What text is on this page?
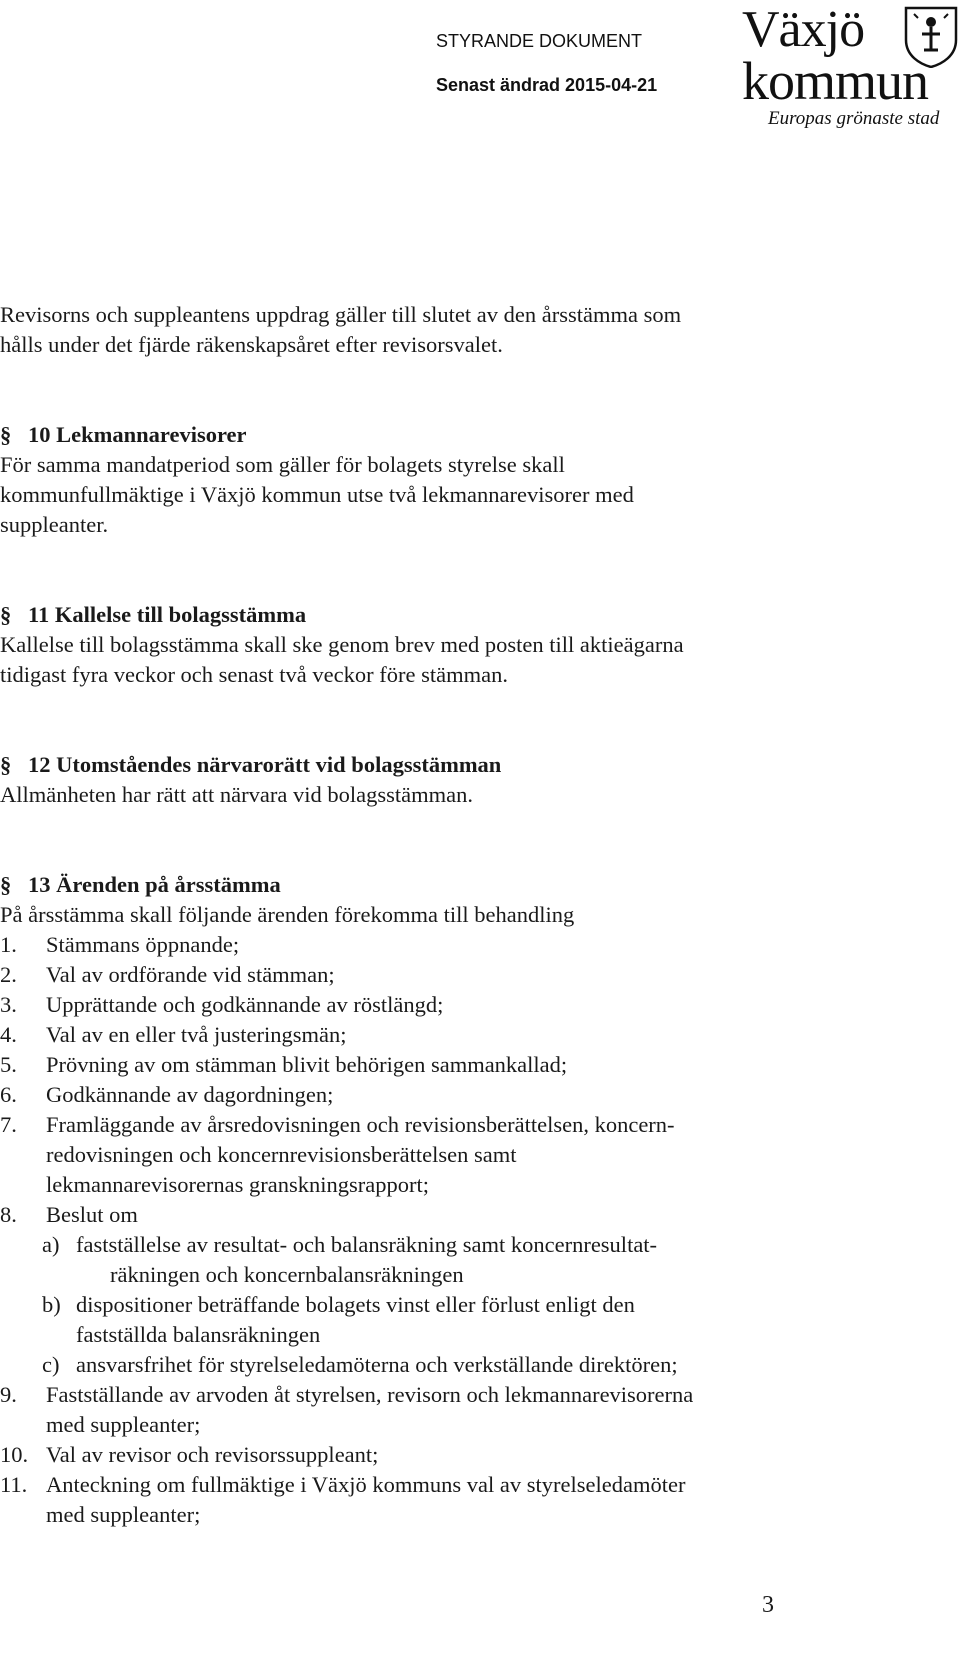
STYRANDE DOKUMENT
Senast ändrad 2015-04-21
Växjö
kommun
Europas grönaste stad

Revisorns och suppleantens uppdrag gäller till slutet av den årsstämma som

hålls under det fjärde räkenskapsåret efter revisorsvalet.

§ 10 Lekmannarevisorer

För samma mandatperiod som gäller för bolagets styrelse skall

kommunfullmäktige i Växjö kommun utse två lekmannarevisorer med

suppleanter.

§ 11 Kallelse till bolagsstämma

Kallelse till bolagsstämma skall ske genom brev med posten till aktieägarna

tidigast fyra veckor och senast två veckor före stämman.

§ 12 Utomståendes närvarorätt vid bolagsstämman

Allmänheten har rätt att närvara vid bolagsstämman.

§ 13 Ärenden på årsstämma

På årsstämma skall följande ärenden förekomma till behandling

1.	Stämmans öppnande;
2.	Val av ordförande vid stämman;
3.	Upprättande och godkännande av röstlängd;
4.	Val av en eller två justeringsmän;
5.	Prövning av om stämman blivit behörigen sammankallad;
6.	Godkännande av dagordningen;
7.	Framläggande av årsredovisningen och revisionsberättelsen, koncern-
redovisningen och koncernrevisionsberättelsen samt
lekmannarevisorernas granskningsrapport;
8.	Beslut om
a) fastställelse av resultat- och balansräkning samt koncernresultat-
räkningen och koncernbalansräkningen
b) dispositioner beträffande bolagets vinst eller förlust enligt den
fastställda balansräkningen
c) ansvarsfrihet för styrelseledamöterna och verkställande direktören;
9.	Fastställande av arvoden åt styrelsen, revisorn och lekmannarevisorerna
med suppleanter;
10. Val av revisor och revisorssuppleant;
11. Anteckning om fullmäktige i Växjö kommuns val av styrelseledamöter
med suppleanter;
3
